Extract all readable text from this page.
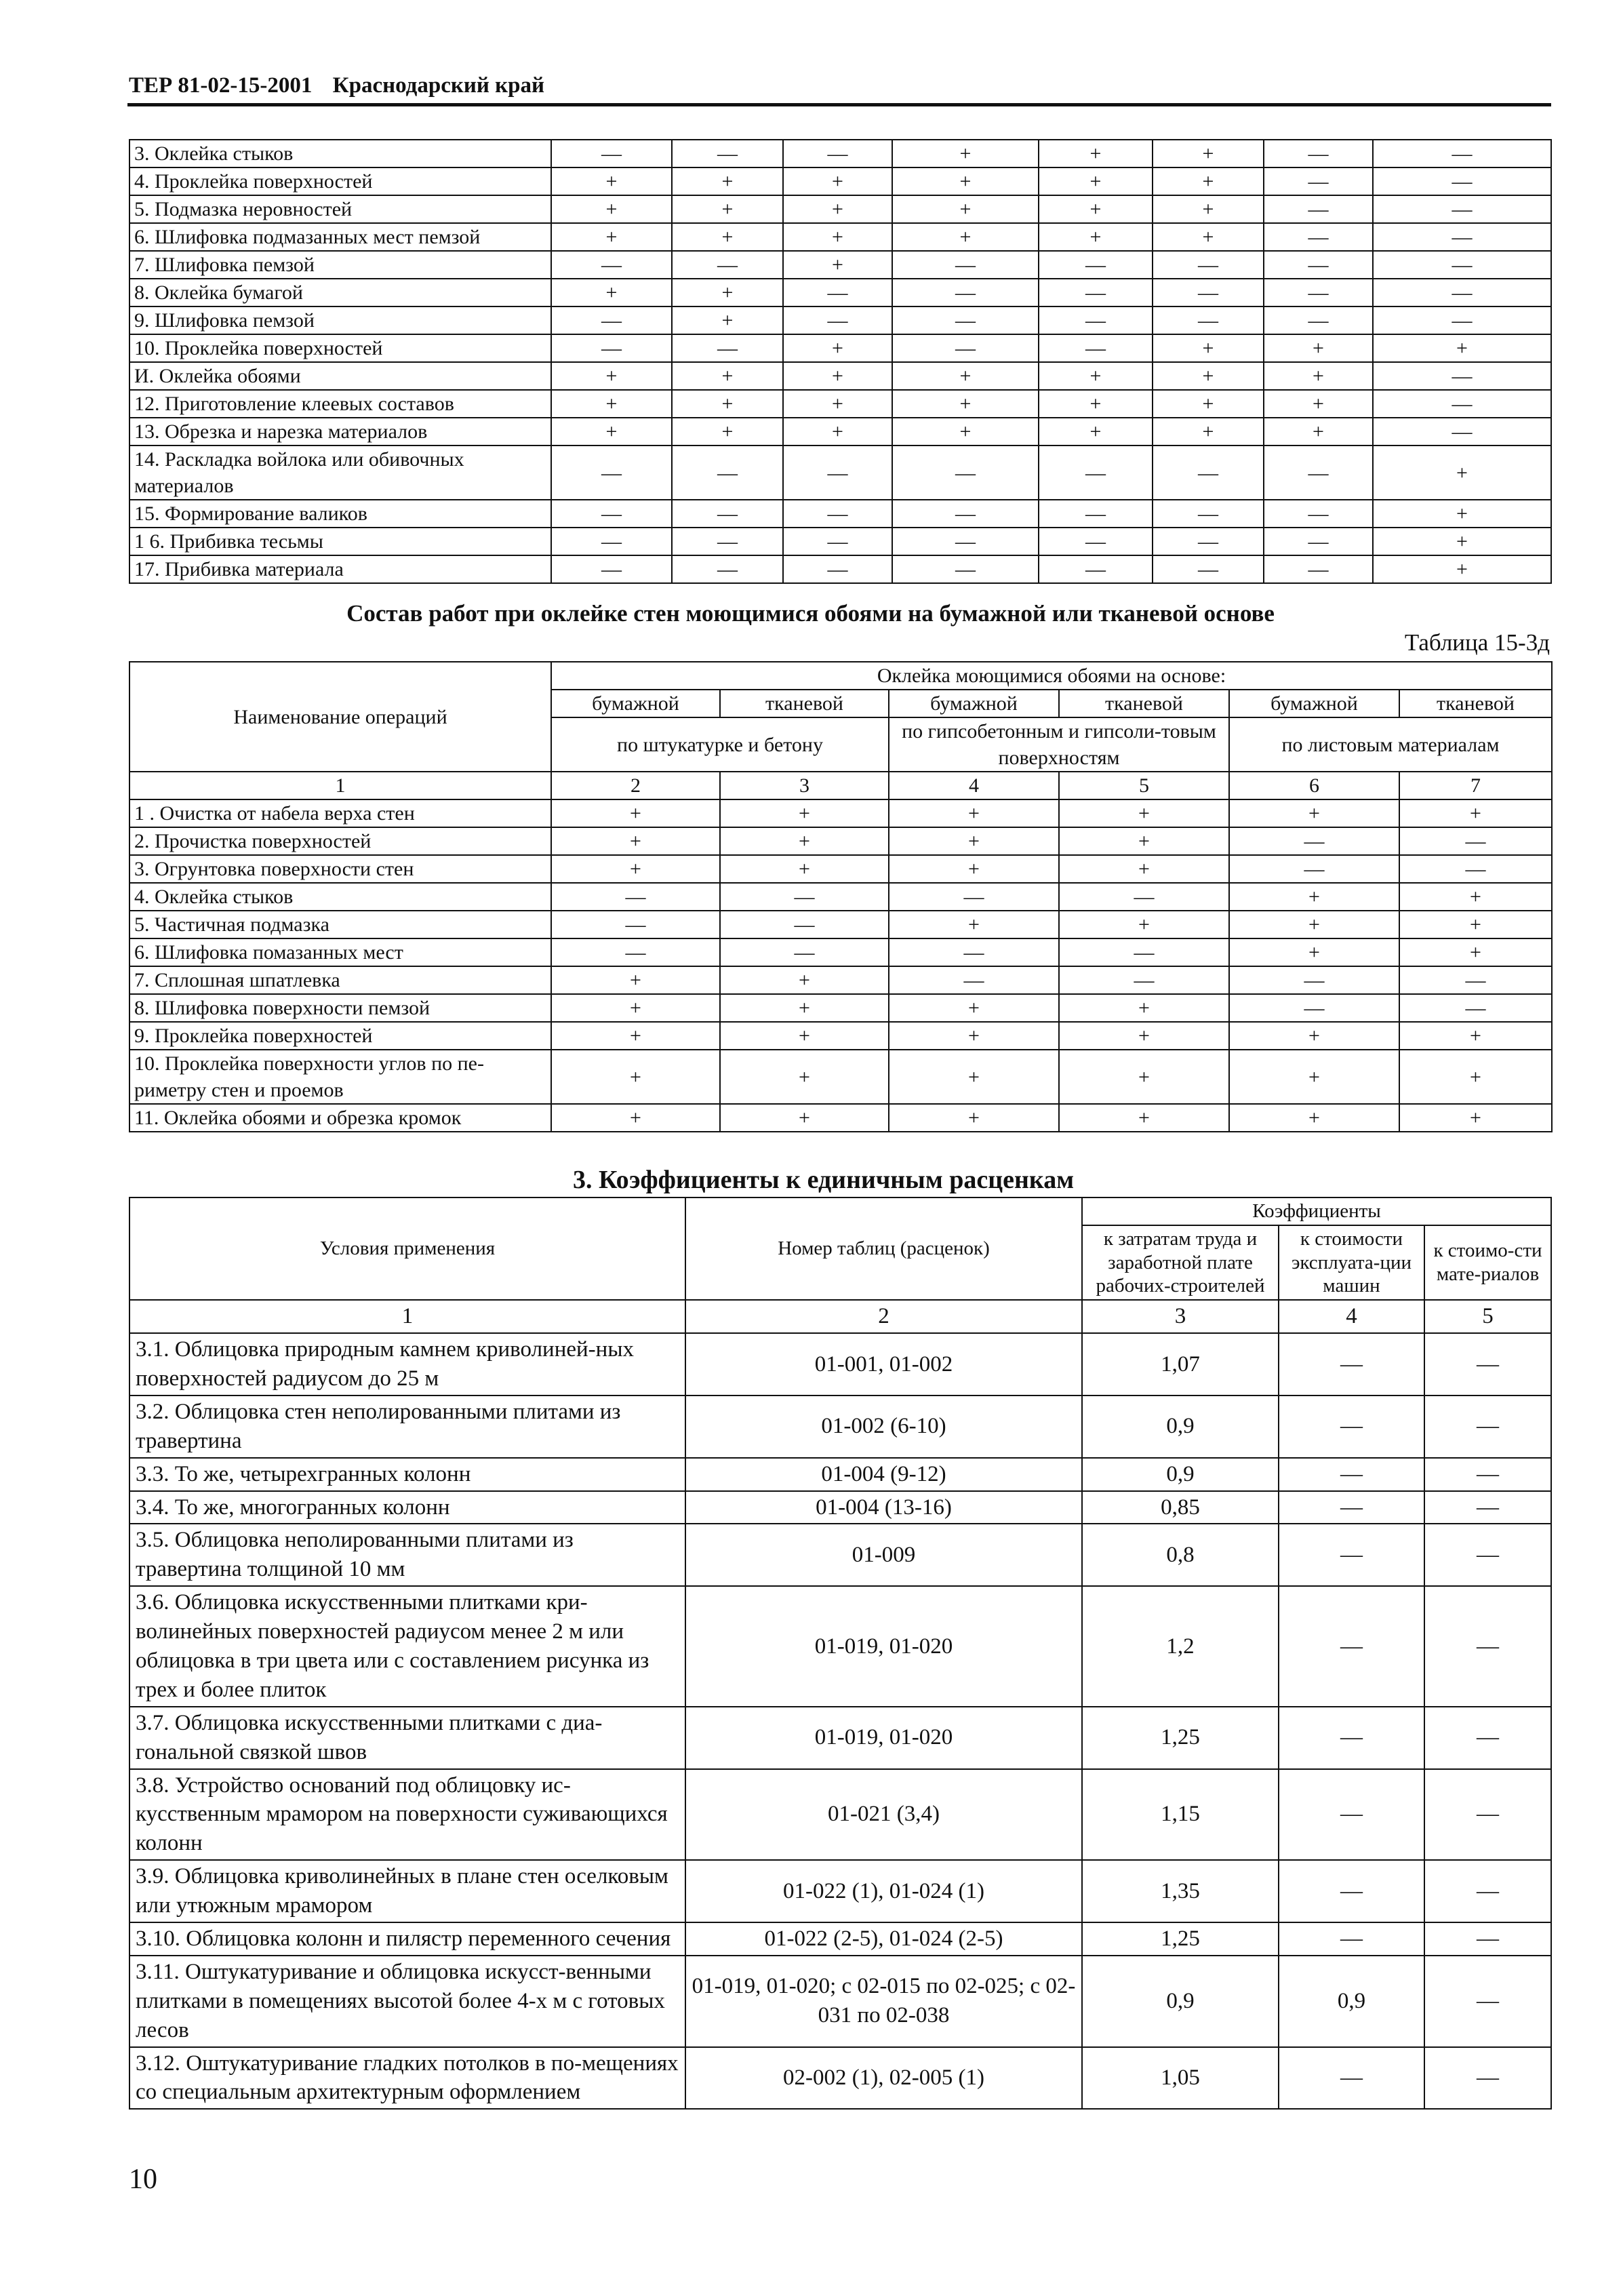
ТЕР 81-02-15-2001 Краснодарский край
3. Оклейка стыков	—	—	—	+	+	+	—	—
4. Проклейка поверхностей	+	+	+	+	+	+	—	—
5. Подмазка неровностей	+	+	+	+	+	+	—	—
6. Шлифовка подмазанных мест пемзой	+	+	+	+	+	+	—	—
7. Шлифовка пемзой	—	—	+	—	—	—	—	—
8. Оклейка бумагой	+	+	—	—	—	—	—	—
9. Шлифовка пемзой	—	+	—	—	—	—	—	—
10. Проклейка поверхностей	—	—	+	—	—	+	+	+
И. Оклейка обоями	+	+	+	+	+	+	+	—
12. Приготовление клеевых составов	+	+	+	+	+	+	+	—
13. Обрезка и нарезка материалов	+	+	+	+	+	+	+	—
14. Раскладка войлока или обивочных материалов	—	—	—	—	—	—	—	+
15. Формирование валиков	—	—	—	—	—	—	—	+
1 6. Прибивка тесьмы	—	—	—	—	—	—	—	+
17. Прибивка материала	—	—	—	—	—	—	—	+
Состав работ при оклейке стен моющимися обоями на бумажной или тканевой основе
Таблица 15-3д
Наименование операций	Оклейка моющимися обоями на основе:					
	бумажной	тканевой	бумажной	тканевой	бумажной	тканевой
	по штукатурке и бетону		по гипсобетонным и гипсоли-товым поверхностям		по листовым материалам	
1	2	3	4	5	6	7
1 . Очистка от набела верха стен	+	+	+	+	+	+
2. Прочистка поверхностей	+	+	+	+	—	—
3. Огрунтовка поверхности стен	+	+	+	+	—	—
4. Оклейка стыков	—	—	—	—	+	+
5. Частичная подмазка	—	—	+	+	+	+
6. Шлифовка помазанных мест	—	—	—	—	+	+
7. Сплошная шпатлевка	+	+	—	—	—	—
8. Шлифовка поверхности пемзой	+	+	+	+	—	—
9. Проклейка поверхностей	+	+	+	+	+	+
10. Проклейка поверхности углов по пе-риметру стен и проемов	+	+	+	+	+	+
11. Оклейка обоями и обрезка кромок	+	+	+	+	+	+
3. Коэффициенты к единичным расценкам
Условия применения	Номер таблиц (расценок)	Коэффициенты		
		к затратам труда и заработной плате рабочих-строителей	к стоимости эксплуата-ции машин	к стоимо-сти мате-риалов
1	2	3	4	5
3.1. Облицовка природным камнем криволиней-ных поверхностей радиусом до 25 м	01-001, 01-002	1,07	—	—
3.2. Облицовка стен неполированными плитами из травертина	01-002 (6-10)	0,9	—	—
3.3. То же, четырехгранных колонн	01-004 (9-12)	0,9	—	—
3.4. То же, многогранных колонн	01-004 (13-16)	0,85	—	—
3.5. Облицовка неполированными плитами из травертина толщиной 10 мм	01-009	0,8	—	—
3.6. Облицовка искусственными плитками кри-волинейных поверхностей радиусом менее 2 м или облицовка в три цвета или с составлением рисунка из трех и более плиток	01-019, 01-020	1,2	—	—
3.7. Облицовка искусственными плитками с диа-гональной связкой швов	01-019, 01-020	1,25	—	—
3.8. Устройство оснований под облицовку ис-кусственным мрамором на поверхности суживающихся колонн	01-021 (3,4)	1,15	—	—
3.9. Облицовка криволинейных в плане стен оселковым или утюжным мрамором	01-022 (1), 01-024 (1)	1,35	—	—
3.10. Облицовка колонн и пилястр переменного сечения	01-022 (2-5), 01-024 (2-5)	1,25	—	—
3.11. Оштукатуривание и облицовка искусст-венными плитками в помещениях высотой более 4-х м с готовых лесов	01-019, 01-020; с 02-015 по 02-025; с 02-031 по 02-038	0,9	0,9	—
3.12. Оштукатуривание гладких потолков в по-мещениях со специальным архитектурным оформлением	02-002 (1), 02-005 (1)	1,05	—	—
10
